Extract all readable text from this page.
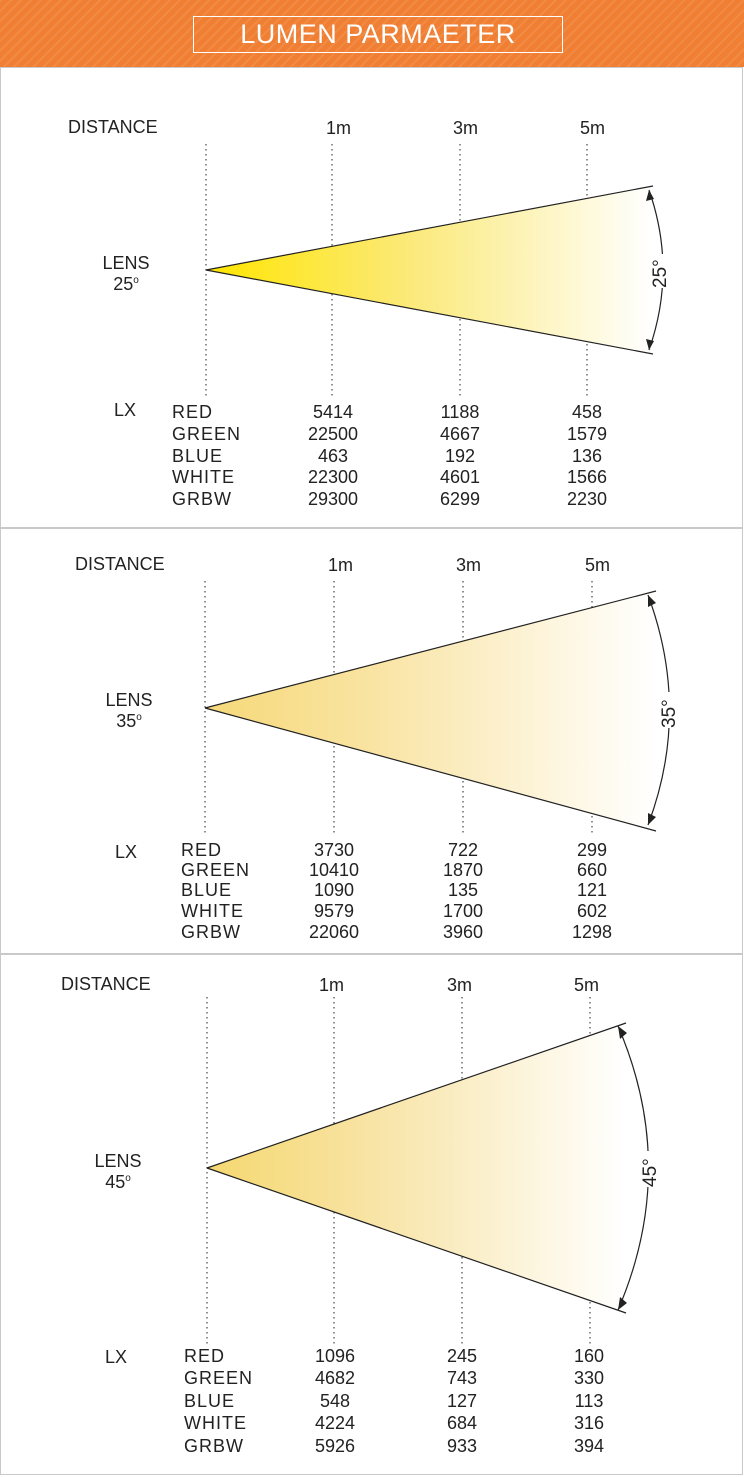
LUMEN PARMAETER
DISTANCE	1m	3m	5m
LENS
25$^o$	25°
LX RED	5414	1188	458
GREEN	22500	4667	1579
BLUE	463	192	136
WHITE	22300	4601	1566
GRBW	29300	6299	2230
DISTANCE	1m	3m	5m
LENS
35$^o$	35°
LX RED	3730	722	299
GREEN	10410	1870	660
BLUE	1090	135	121
WHITE	9579	1700	602
GRBW	22060	3960	1298
DISTANCE	1m	3m	5m
LENS
45$^o$	45°
LX	RED	1096	245	160
GREEN	4682	743	330
BLUE	548	127	113
WHITE	4224	684	316
GRBW	5926	933	394
